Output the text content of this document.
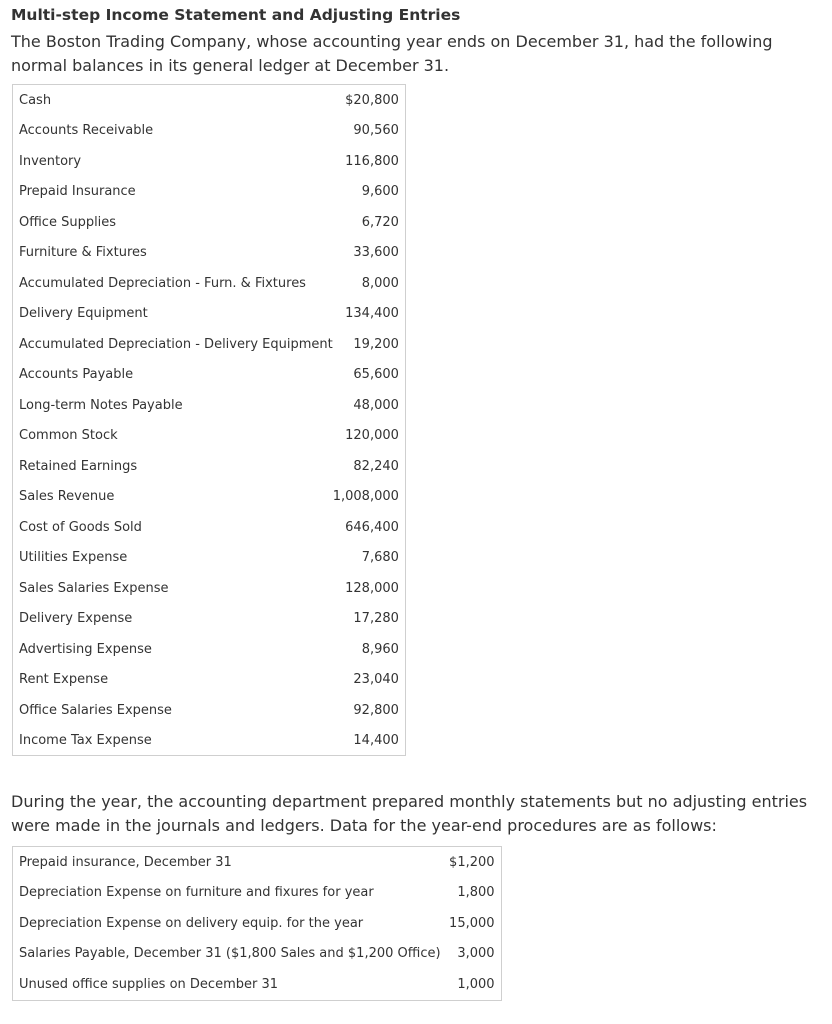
Multi-step Income Statement and Adjusting Entries
The Boston Trading Company, whose accounting year ends on December 31, had the following normal balances in its general ledger at December 31.
Cash	$20,800
Accounts Receivable	90,560
Inventory	116,800
Prepaid Insurance	9,600
Office Supplies	6,720
Furniture & Fixtures	33,600
Accumulated Depreciation - Furn. & Fixtures	8,000
Delivery Equipment	134,400
Accumulated Depreciation - Delivery Equipment	19,200
Accounts Payable	65,600
Long-term Notes Payable	48,000
Common Stock	120,000
Retained Earnings	82,240
Sales Revenue	1,008,000
Cost of Goods Sold	646,400
Utilities Expense	7,680
Sales Salaries Expense	128,000
Delivery Expense	17,280
Advertising Expense	8,960
Rent Expense	23,040
Office Salaries Expense	92,800
Income Tax Expense	14,400
During the year, the accounting department prepared monthly statements but no adjusting entries were made in the journals and ledgers. Data for the year-end procedures are as follows:
Prepaid insurance, December 31	$1,200
Depreciation Expense on furniture and fixures for year	1,800
Depreciation Expense on delivery equip. for the year	15,000
Salaries Payable, December 31 ($1,800 Sales and $1,200 Office)	3,000
Unused office supplies on December 31	1,000
